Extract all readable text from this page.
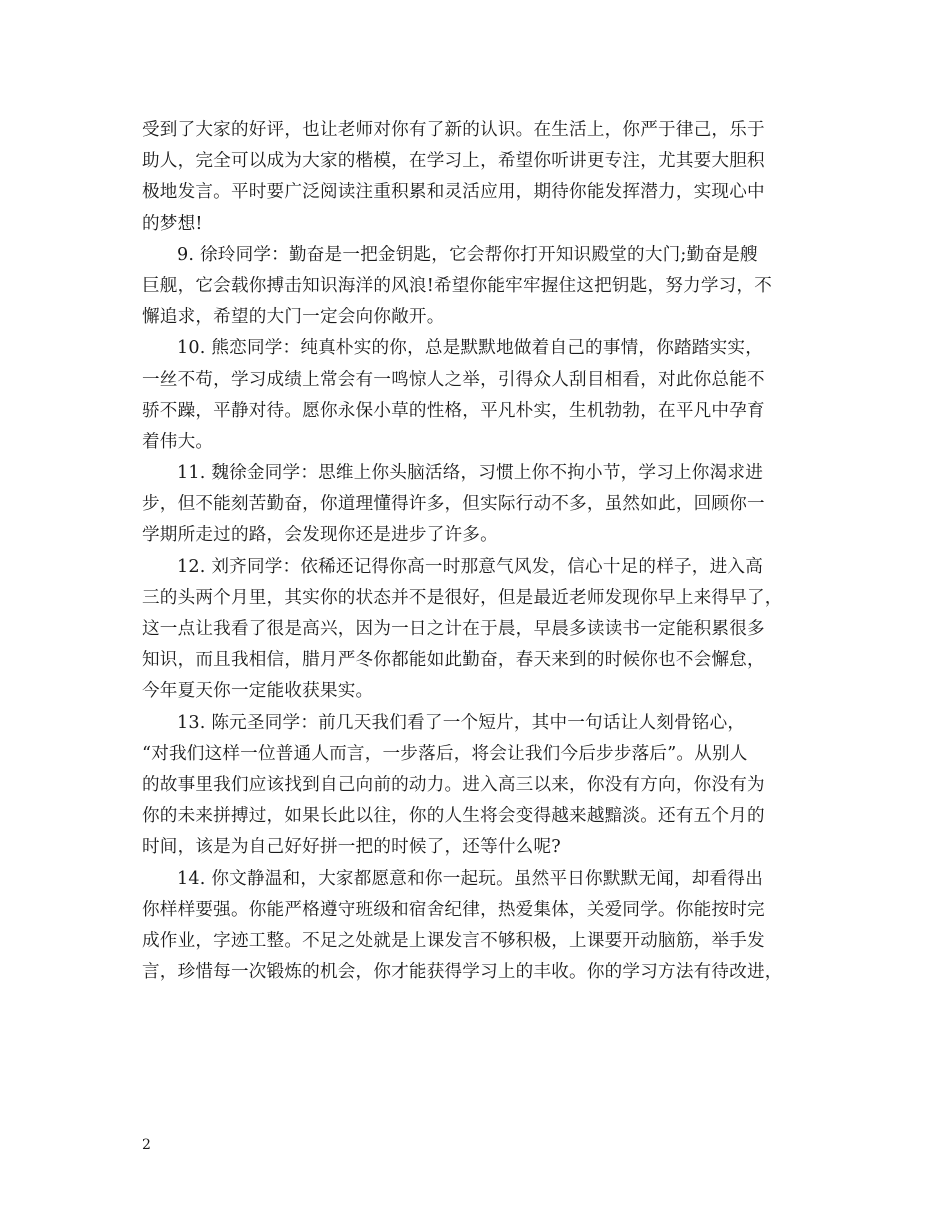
受到了大家的好评，也让老师对你有了新的认识。在生活上，你严于律己，乐于
助人，完全可以成为大家的楷模，在学习上，希望你听讲更专注，尤其要大胆积
极地发言。平时要广泛阅读注重积累和灵活应用，期待你能发挥潜力，实现心中
的梦想!
9. 徐玲同学：勤奋是一把金钥匙，它会帮你打开知识殿堂的大门;勤奋是艘
巨舰，它会载你搏击知识海洋的风浪!希望你能牢牢握住这把钥匙，努力学习，不
懈追求，希望的大门一定会向你敞开。
10. 熊恋同学：纯真朴实的你，总是默默地做着自己的事情，你踏踏实实，
一丝不苟，学习成绩上常会有一鸣惊人之举，引得众人刮目相看，对此你总能不
骄不躁，平静对待。愿你永保小草的性格，平凡朴实，生机勃勃，在平凡中孕育
着伟大。
11. 魏徐金同学：思维上你头脑活络，习惯上你不拘小节，学习上你渴求进
步，但不能刻苦勤奋，你道理懂得许多，但实际行动不多，虽然如此，回顾你一
学期所走过的路，会发现你还是进步了许多。
12. 刘齐同学：依稀还记得你高一时那意气风发，信心十足的样子，进入高
三的头两个月里，其实你的状态并不是很好，但是最近老师发现你早上来得早了，
这一点让我看了很是高兴，因为一日之计在于晨，早晨多读读书一定能积累很多
知识，而且我相信，腊月严冬你都能如此勤奋，春天来到的时候你也不会懈怠，
今年夏天你一定能收获果实。
13. 陈元圣同学：前几天我们看了一个短片，其中一句话让人刻骨铭心，
“对我们这样一位普通人而言，一步落后，将会让我们今后步步落后”。从别人
的故事里我们应该找到自己向前的动力。进入高三以来，你没有方向，你没有为
你的未来拼搏过，如果长此以往，你的人生将会变得越来越黯淡。还有五个月的
时间，该是为自己好好拼一把的时候了，还等什么呢?
14. 你文静温和，大家都愿意和你一起玩。虽然平日你默默无闻，却看得出
你样样要强。你能严格遵守班级和宿舍纪律，热爱集体，关爱同学。你能按时完
成作业，字迹工整。不足之处就是上课发言不够积极，上课要开动脑筋，举手发
言，珍惜每一次锻炼的机会，你才能获得学习上的丰收。你的学习方法有待改进，
2
